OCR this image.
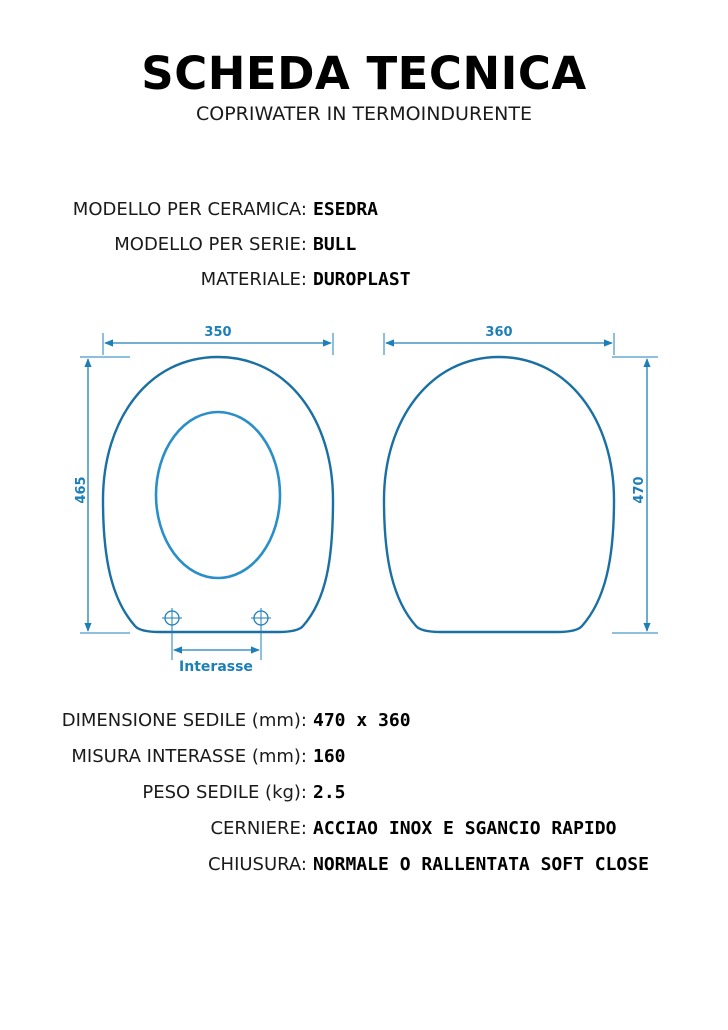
SCHEDA TECNICA
COPRIWATER IN TERMOINDURENTE
MODELLO PER CERAMICA: ESEDRA
MODELLO PER SERIE: BULL
MATERIALE: DUROPLAST
350
465
Interasse
360
470
DIMENSIONE SEDILE (mm): 470 x 360
MISURA INTERASSE (mm): 160
PESO SEDILE (kg): 2.5
CERNIERE: ACCIAO INOX E SGANCIO RAPIDO
CHIUSURA: NORMALE O RALLENTATA SOFT CLOSE
